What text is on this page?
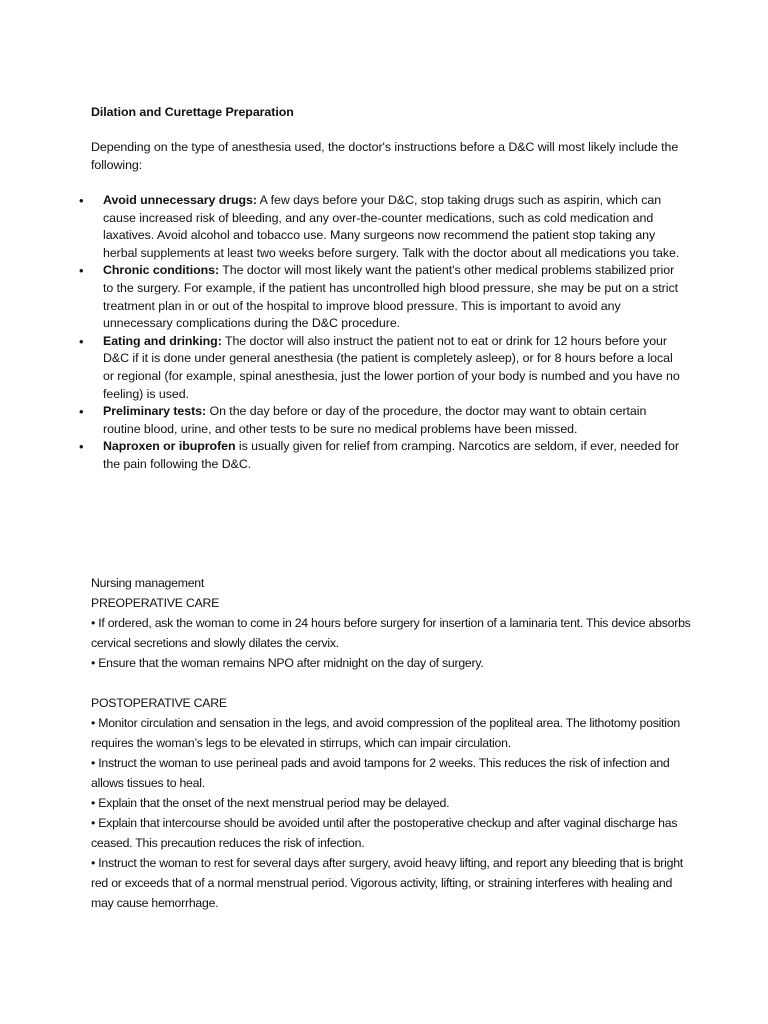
Dilation and Curettage Preparation

Depending on the type of anesthesia used, the doctor's instructions before a D&C will most likely include the following:

• Avoid unnecessary drugs: A few days before your D&C, stop taking drugs such as aspirin, which can cause increased risk of bleeding, and any over-the-counter medications, such as cold medication and laxatives. Avoid alcohol and tobacco use. Many surgeons now recommend the patient stop taking any herbal supplements at least two weeks before surgery. Talk with the doctor about all medications you take.
• Chronic conditions: The doctor will most likely want the patient's other medical problems stabilized prior to the surgery. For example, if the patient has uncontrolled high blood pressure, she may be put on a strict treatment plan in or out of the hospital to improve blood pressure. This is important to avoid any unnecessary complications during the D&C procedure.
• Eating and drinking: The doctor will also instruct the patient not to eat or drink for 12 hours before your D&C if it is done under general anesthesia (the patient is completely asleep), or for 8 hours before a local or regional (for example, spinal anesthesia, just the lower portion of your body is numbed and you have no feeling) is used.
• Preliminary tests: On the day before or day of the procedure, the doctor may want to obtain certain routine blood, urine, and other tests to be sure no medical problems have been missed.
• Naproxen or ibuprofen is usually given for relief from cramping. Narcotics are seldom, if ever, needed for the pain following the D&C.

Nursing management

PREOPERATIVE CARE

• If ordered, ask the woman to come in 24 hours before surgery for insertion of a laminaria tent. This device absorbs cervical secretions and slowly dilates the cervix.

• Ensure that the woman remains NPO after midnight on the day of surgery.

POSTOPERATIVE CARE

• Monitor circulation and sensation in the legs, and avoid compression of the popliteal area. The lithotomy position requires the woman’s legs to be elevated in stirrups, which can impair circulation.

• Instruct the woman to use perineal pads and avoid tampons for 2 weeks. This reduces the risk of infection and allows tissues to heal.

• Explain that the onset of the next menstrual period may be delayed.

• Explain that intercourse should be avoided until after the postoperative checkup and after vaginal discharge has ceased. This precaution reduces the risk of infection.

• Instruct the woman to rest for several days after surgery, avoid heavy lifting, and report any bleeding that is bright red or exceeds that of a normal menstrual period. Vigorous activity, lifting, or straining interferes with healing and may cause hemorrhage.
